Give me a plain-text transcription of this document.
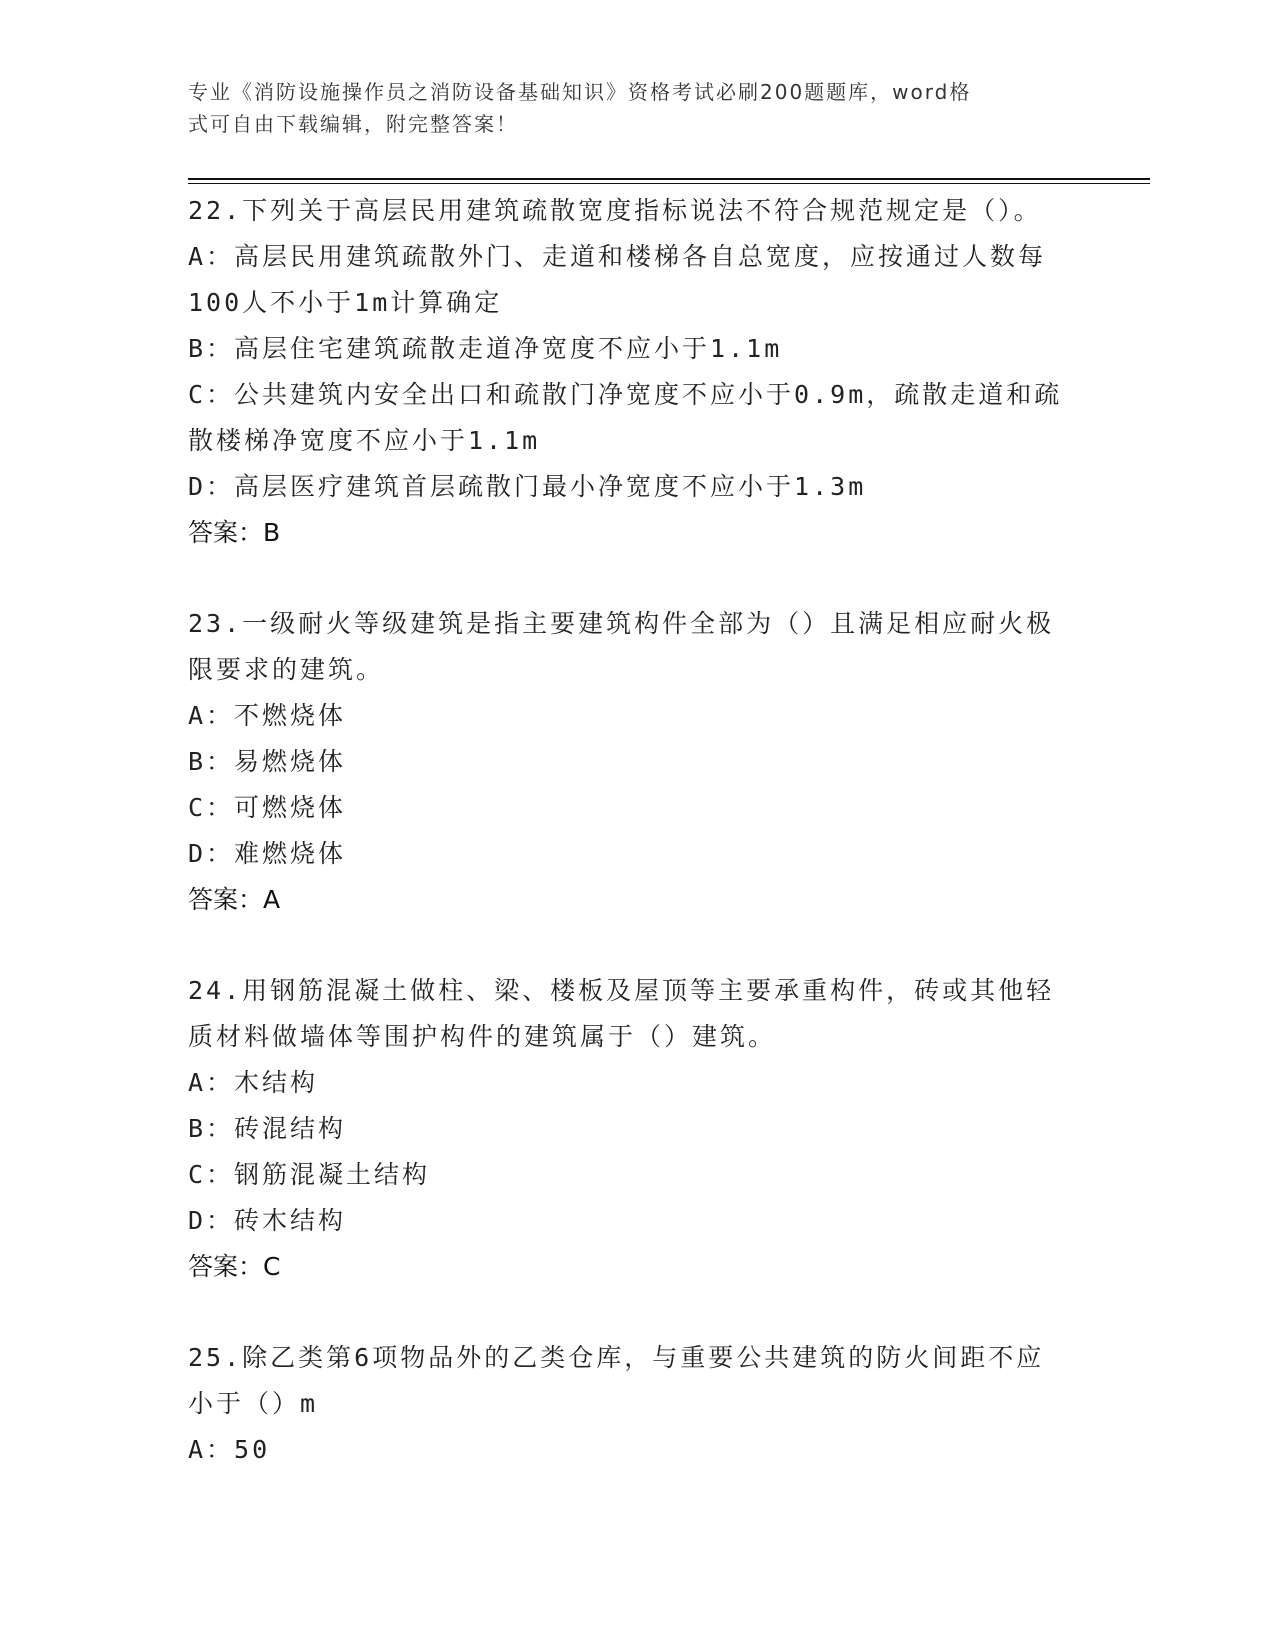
专业《消防设施操作员之消防设备基础知识》资格考试必刷200题题库，word格
式可自由下载编辑，附完整答案！

22.下列关于高层民用建筑疏散宽度指标说法不符合规范规定是（）。

A：高层民用建筑疏散外门、走道和楼梯各自总宽度，应按通过人数每

100人不小于1m计算确定

B：高层住宅建筑疏散走道净宽度不应小于1.1m

C：公共建筑内安全出口和疏散门净宽度不应小于0.9m，疏散走道和疏

散楼梯净宽度不应小于1.1m

D：高层医疗建筑首层疏散门最小净宽度不应小于1.3m

答案：B

23.一级耐火等级建筑是指主要建筑构件全部为（）且满足相应耐火极

限要求的建筑。

A：不燃烧体

B：易燃烧体

C：可燃烧体

D：难燃烧体

答案：A

24.用钢筋混凝土做柱、梁、楼板及屋顶等主要承重构件，砖或其他轻

质材料做墙体等围护构件的建筑属于（）建筑。

A：木结构

B：砖混结构

C：钢筋混凝土结构

D：砖木结构

答案：C

25.除乙类第6项物品外的乙类仓库，与重要公共建筑的防火间距不应

小于（）m

A：50
